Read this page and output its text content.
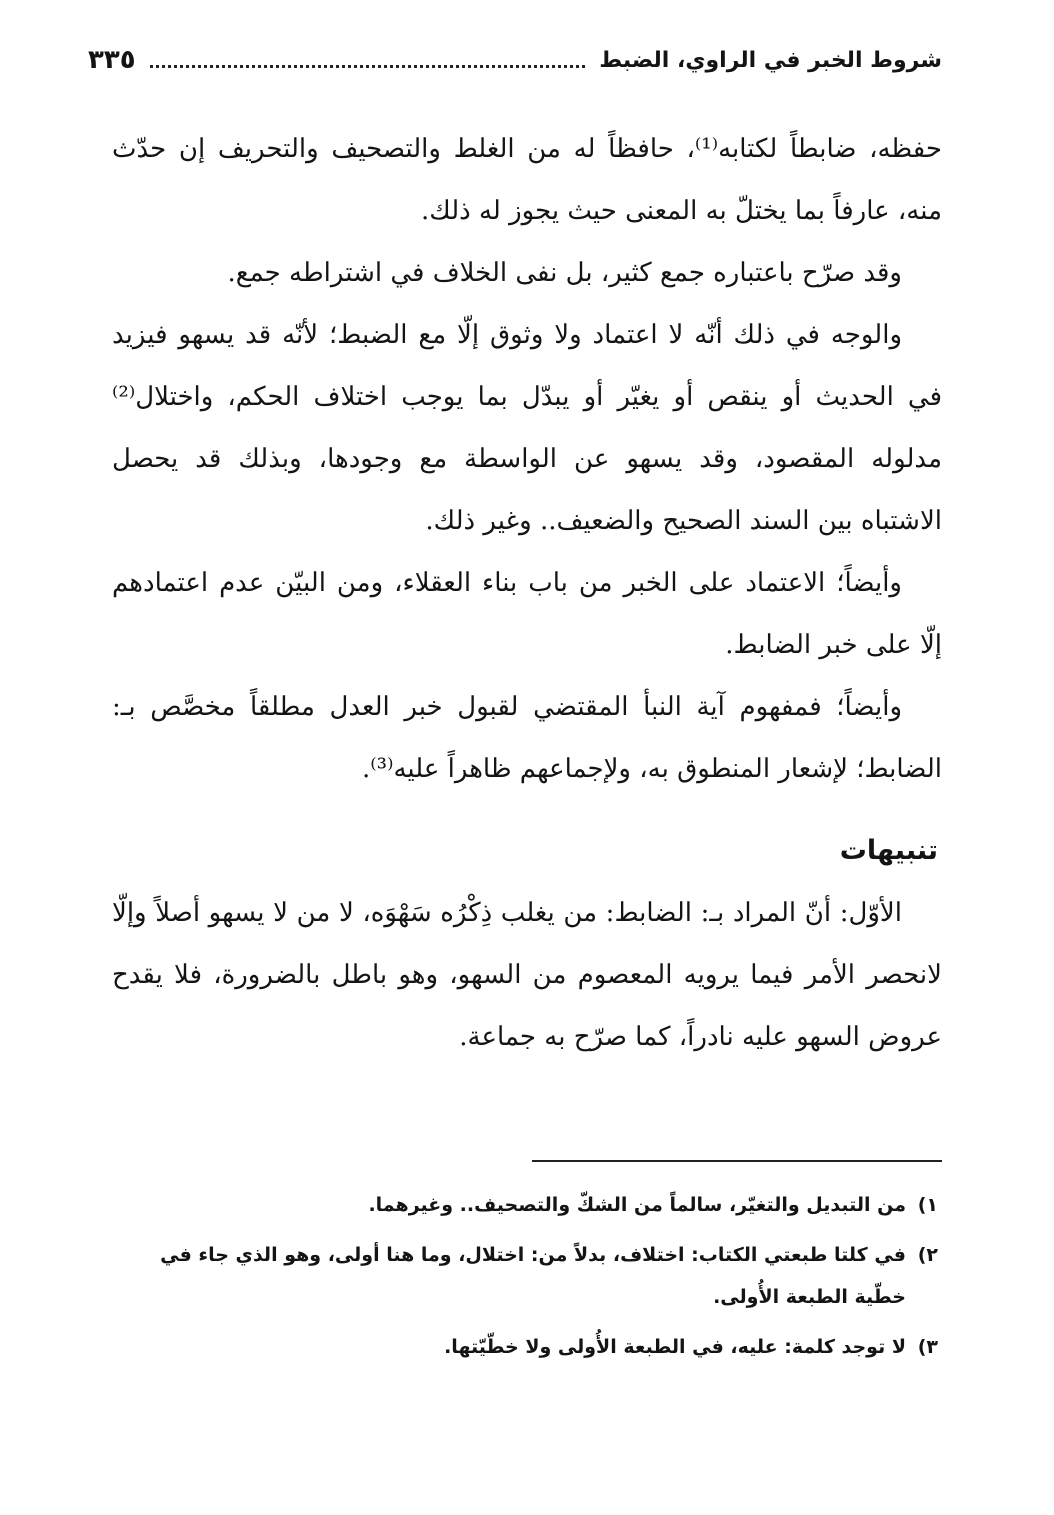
شروط الخبر في الراوي، الضبط
٣٣٥

حفظه، ضابطاً لكتابه⁽¹⁾، حافظاً له من الغلط والتصحيف والتحريف إن حدّث منه، عارفاً بما يختلّ به المعنى حيث يجوز له ذلك.

وقد صرّح باعتباره جمع كثير، بل نفى الخلاف في اشتراطه جمع.

والوجه في ذلك أنّه لا اعتماد ولا وثوق إلّا مع الضبط؛ لأنّه قد يسهو فيزيد في الحديث أو ينقص أو يغيّر أو يبدّل بما يوجب اختلاف الحكم، واختلال⁽²⁾ مدلوله المقصود، وقد يسهو عن الواسطة مع وجودها، وبذلك قد يحصل الاشتباه بين السند الصحيح والضعيف.. وغير ذلك.

وأيضاً؛ الاعتماد على الخبر من باب بناء العقلاء، ومن البيّن عدم اعتمادهم إلّا على خبر الضابط.

وأيضاً؛ فمفهوم آية النبأ المقتضي لقبول خبر العدل مطلقاً مخصَّص بـ: الضابط؛ لإشعار المنطوق به، ولإجماعهم ظاهراً عليه⁽³⁾.

تنبيهات

الأوّل: أنّ المراد بـ: الضابط: من يغلب ذِكْرُه سَهْوَه، لا من لا يسهو أصلاً وإلّا لانحصر الأمر فيما يرويه المعصوم من السهو، وهو باطل بالضرورة، فلا يقدح عروض السهو عليه نادراً، كما صرّح به جماعة.

١)
من التبديل والتغيّر، سالماً من الشكّ والتصحيف.. وغيرهما.
٢)
في كلتا طبعتي الكتاب: اختلاف، بدلاً من: اختلال، وما هنا أولى، وهو الذي جاء في خطّية الطبعة الأُولى.
٣)
لا توجد كلمة: عليه، في الطبعة الأُولى ولا خطّيّتها.
